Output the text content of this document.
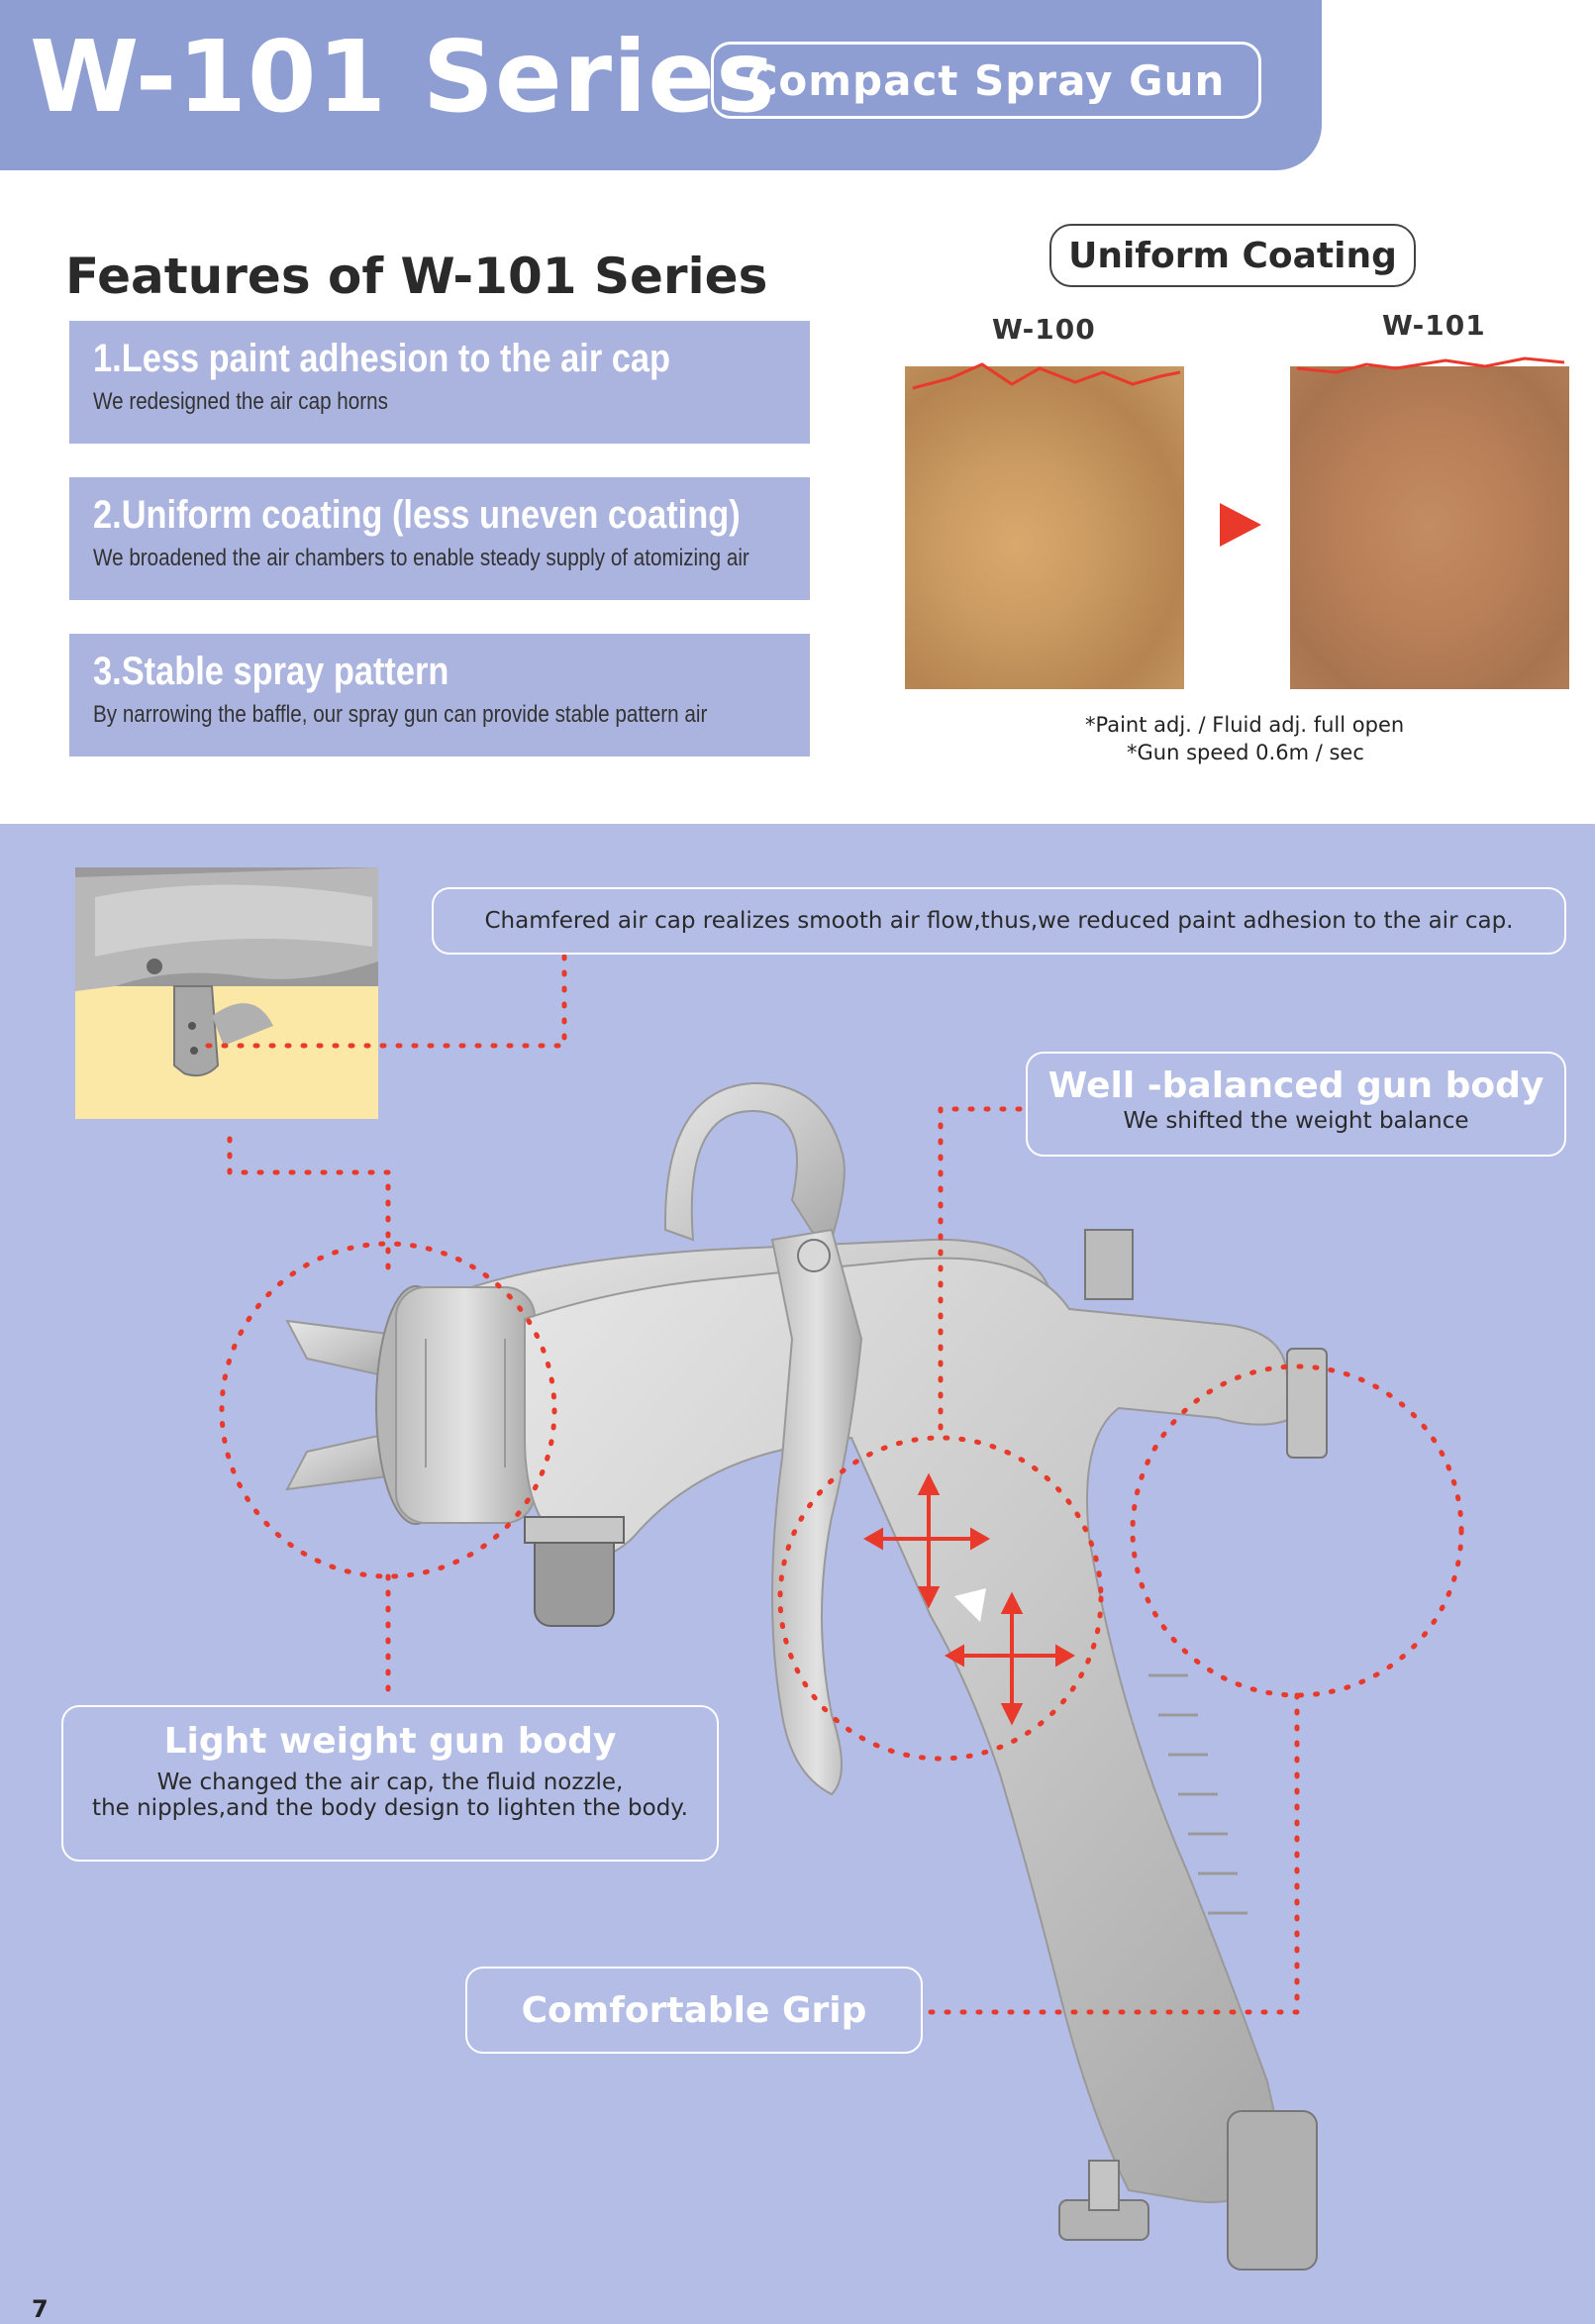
W-101 Series
Compact Spray Gun
Features of W-101 Series
1.Less paint adhesion to the air cap
We redesigned the air cap horns
2.Uniform coating (less uneven coating)
We broadened the air chambers to enable steady supply of atomizing air
3.Stable spray pattern
By narrowing the baffle, our spray gun can provide stable pattern air
Uniform Coating
W-100	W-101
*Paint adj. / Fluid adj. full open
*Gun speed 0.6m / sec
Chamfered air cap realizes smooth air flow,thus,we reduced paint adhesion to the air cap.
Well -balanced gun body
We shifted the weight balance
Light weight gun body
We changed the air cap, the fluid nozzle,
the nipples,and the body design to lighten the body.
Comfortable Grip
7
